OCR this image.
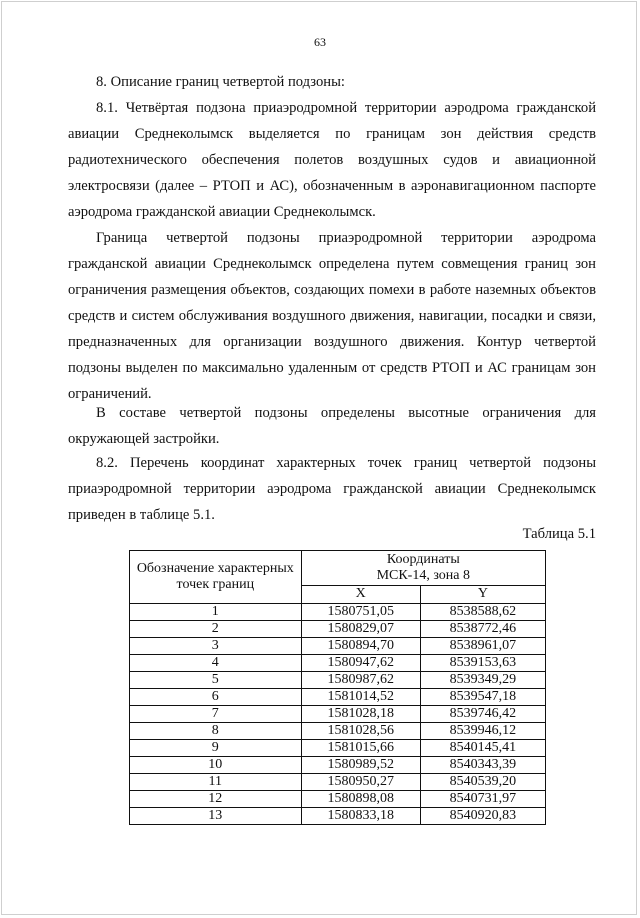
63

8. Описание границ четвертой подзоны:

8.1. Четвёртая подзона приаэродромной территории аэродрома гражданской авиации Среднеколымск выделяется по границам зон действия средств радиотехнического обеспечения полетов воздушных судов и авиационной электросвязи (далее – РТОП и АС), обозначенным в аэронавигационном паспорте аэродрома гражданской авиации Среднеколымск.

Граница четвертой подзоны приаэродромной территории аэродрома гражданской авиации Среднеколымск определена путем совмещения границ зон ограничения размещения объектов, создающих помехи в работе наземных объектов средств и систем обслуживания воздушного движения, навигации, посадки и связи, предназначенных для организации воздушного движения. Контур четвертой подзоны выделен по максимально удаленным от средств РТОП и АС границам зон ограничений.

В составе четвертой подзоны определены высотные ограничения для окружающей застройки.

8.2. Перечень координат характерных точек границ четвертой подзоны приаэродромной территории аэродрома гражданской авиации Среднеколымск приведен в таблице 5.1.

Таблица 5.1
Обозначение характерных
точек границ	Координаты
МСК-14, зона 8	

	X	Y
1	1580751,05	8538588,62
2	1580829,07	8538772,46
3	1580894,70	8538961,07
4	1580947,62	8539153,63
5	1580987,62	8539349,29
6	1581014,52	8539547,18
7	1581028,18	8539746,42
8	1581028,56	8539946,12
9	1581015,66	8540145,41
10	1580989,52	8540343,39
11	1580950,27	8540539,20
12	1580898,08	8540731,97
13	1580833,18	8540920,83
